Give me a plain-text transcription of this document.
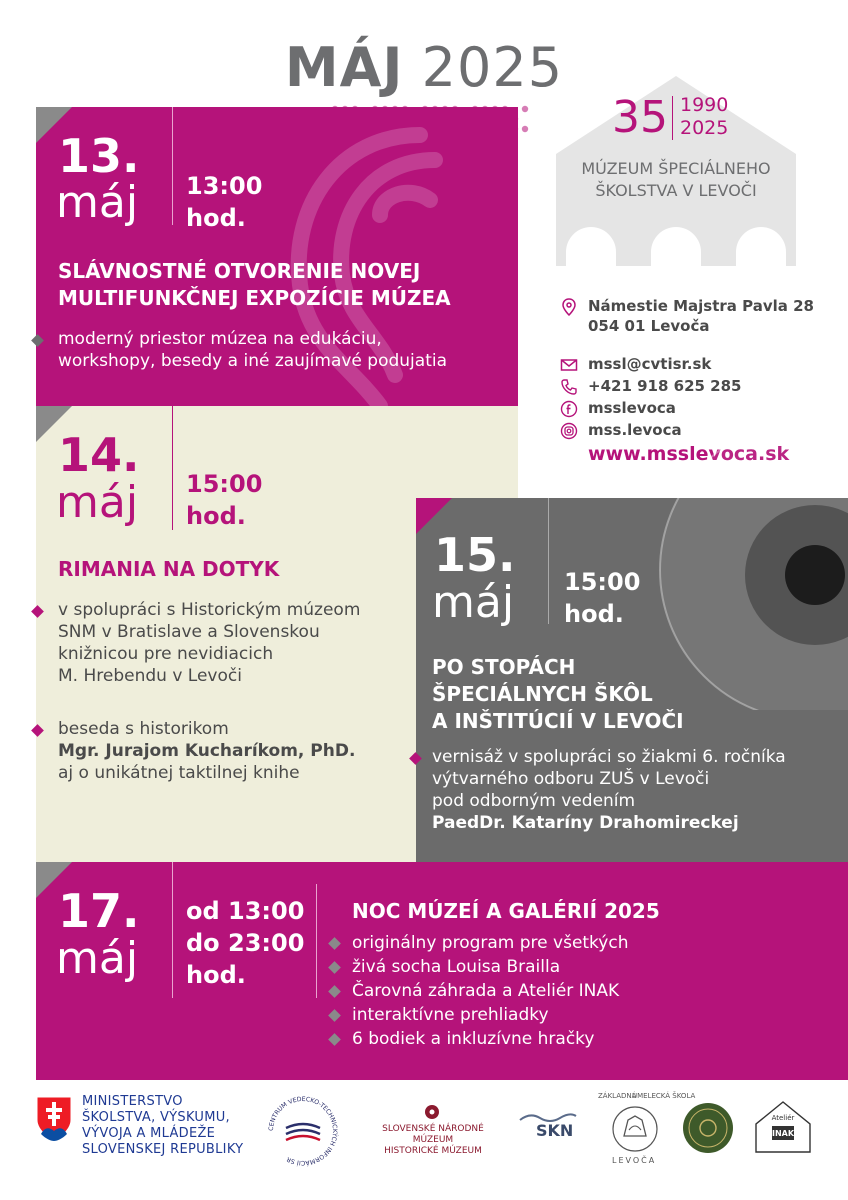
MÁJ 2025
35 1990
2025
MÚZEUM ŠPECIÁLNEHO
ŠKOLSTVA V LEVOČI
Námestie Majstra Pavla 28
054 01 Levoča
mssl@cvtisr.sk
+421 918 625 285
msslevoca
mss.levoca
www.msslevoca.sk
13.
máj 13:00
hod.
SLÁVNOSTNÉ OTVORENIE NOVEJ
MULTIFUNKČNEJ EXPOZÍCIE MÚZEA
moderný priestor múzea na edukáciu,
workshopy, besedy a iné zaujímavé podujatia
14.
máj 15:00
hod.
RIMANIA NA DOTYK
v spolupráci s Historickým múzeom
SNM v Bratislave a Slovenskou
knižnicou pre nevidiacich
M. Hrebendu v Levoči
beseda s historikom
Mgr. Jurajom Kucharíkom, PhD.
aj o unikátnej taktilnej knihe
15.
máj 15:00
hod.
PO STOPÁCH
ŠPECIÁLNYCH ŠKÔL
A INŠTITÚCIÍ V LEVOČI
vernisáž v spolupráci so žiakmi 6. ročníka
výtvarného odboru ZUŠ v Levoči
pod odborným vedením
PaedDr. Kataríny Drahomireckej
17.
máj
od 13:00
do 23:00
hod.
NOC MÚZEÍ A GALÉRIÍ 2025
originálny program pre všetkých
živá socha Louisa Brailla
Čarovná záhrada a Ateliér INAK
interaktívne prehliadky
6 bodiek a inkluzívne hračky
MINISTERSTVO
ŠKOLSTVA, VÝSKUMU,
VÝVOJA A MLÁDEŽE
SLOVENSKEJ REPUBLIKY
CENTRUM VEDECKO-TECHNICKÝCH INFORMÁCIÍ SR
SLOVENSKÉ NÁRODNÉ MÚZEUM
HISTORICKÉ MÚZEUM
SKN
ZÁKLADNÁ
UMELECKÁ ŠKOLA
LEVOČA
Ateliér
INAK
